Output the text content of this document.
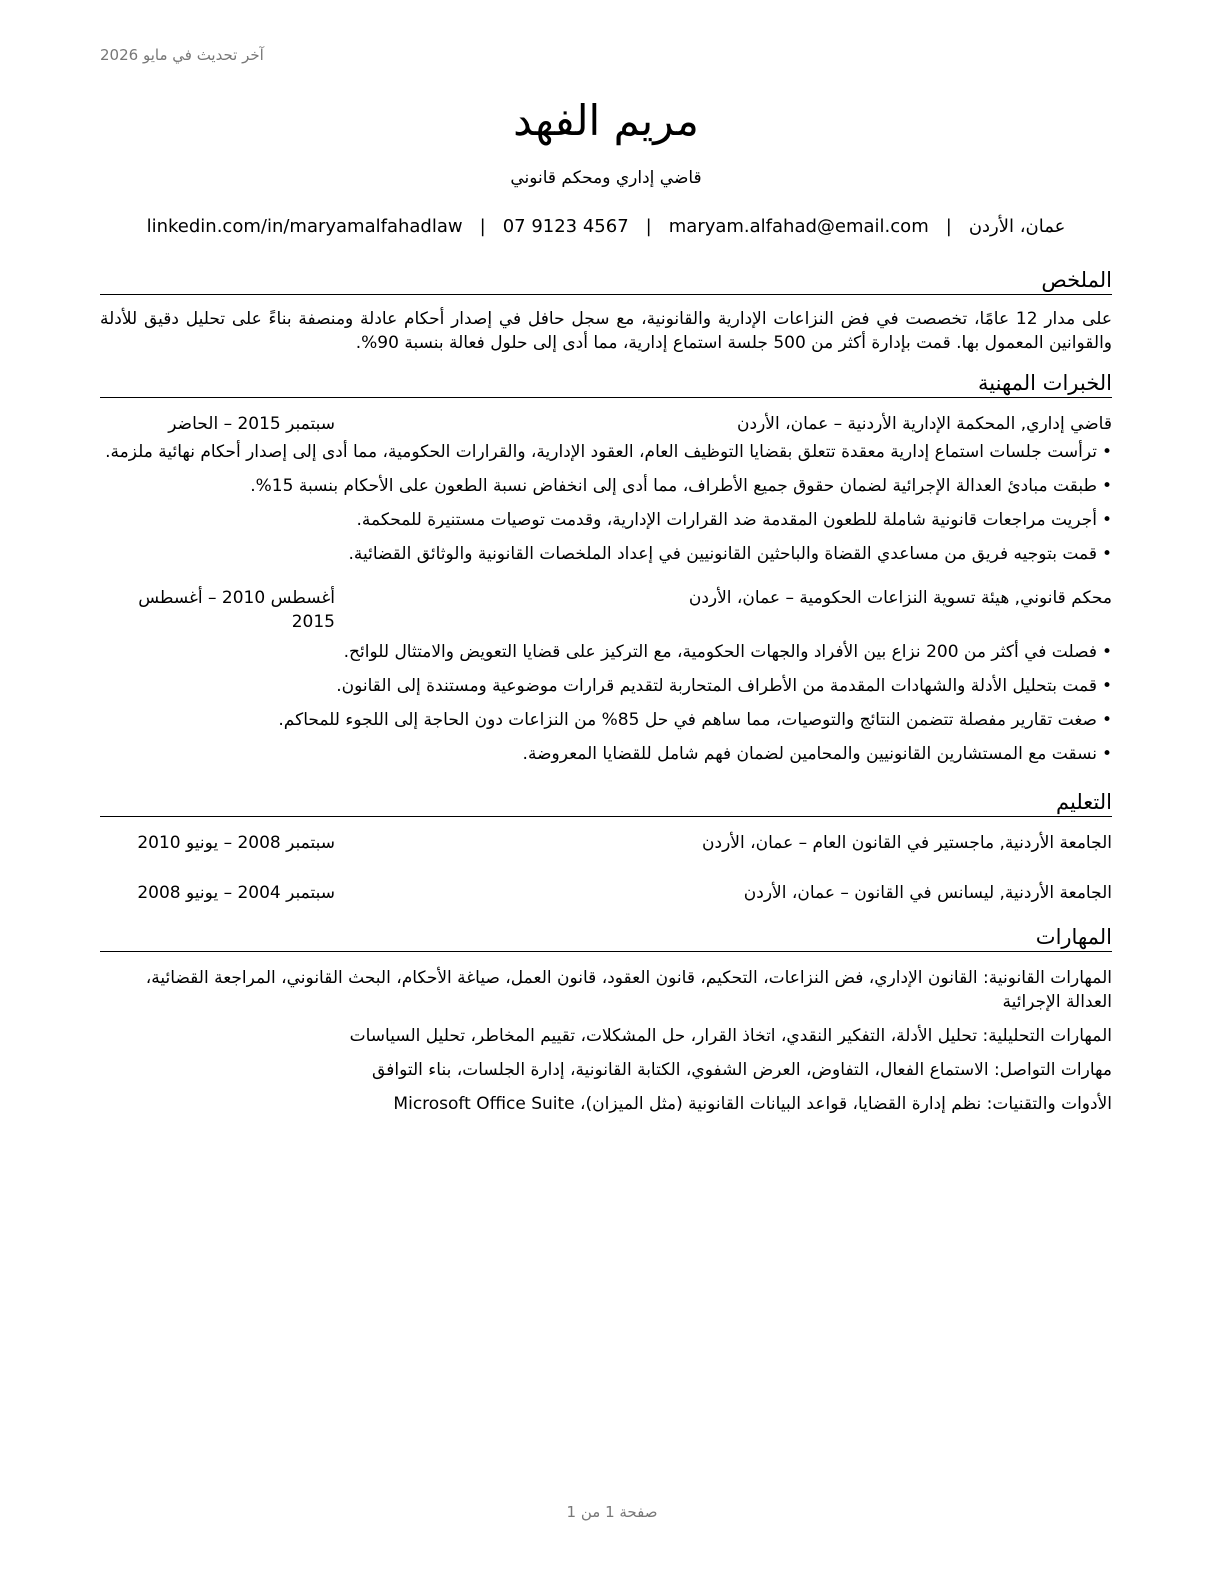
آخر تحديث في مايو 2026
مريم الفهد
قاضي إداري ومحكم قانوني
عمان، الأردن
|
maryam.alfahad@email.com
|
07 9123 4567
|
linkedin.com/in/maryamalfahadlaw
الملخص
على مدار 12 عامًا، تخصصت في فض النزاعات الإدارية والقانونية، مع سجل حافل في إصدار أحكام عادلة ومنصفة بناءً على تحليل دقيق للأدلة والقوانين المعمول بها. قمت بإدارة أكثر من 500 جلسة استماع إدارية، مما أدى إلى حلول فعالة بنسبة 90%.
الخبرات المهنية
قاضي إداري, المحكمة الإدارية الأردنية – عمان، الأردن
سبتمبر 2015 – الحاضر
• ترأست جلسات استماع إدارية معقدة تتعلق بقضايا التوظيف العام، العقود الإدارية، والقرارات الحكومية، مما أدى إلى إصدار أحكام نهائية ملزمة.
• طبقت مبادئ العدالة الإجرائية لضمان حقوق جميع الأطراف، مما أدى إلى انخفاض نسبة الطعون على الأحكام بنسبة 15%.
• أجريت مراجعات قانونية شاملة للطعون المقدمة ضد القرارات الإدارية، وقدمت توصيات مستنيرة للمحكمة.
• قمت بتوجيه فريق من مساعدي القضاة والباحثين القانونيين في إعداد الملخصات القانونية والوثائق القضائية.
محكم قانوني, هيئة تسوية النزاعات الحكومية – عمان، الأردن
أغسطس 2010 – أغسطس 2015
• فصلت في أكثر من 200 نزاع بين الأفراد والجهات الحكومية، مع التركيز على قضايا التعويض والامتثال للوائح.
• قمت بتحليل الأدلة والشهادات المقدمة من الأطراف المتحاربة لتقديم قرارات موضوعية ومستندة إلى القانون.
• صغت تقارير مفصلة تتضمن النتائج والتوصيات، مما ساهم في حل 85% من النزاعات دون الحاجة إلى اللجوء للمحاكم.
• نسقت مع المستشارين القانونيين والمحامين لضمان فهم شامل للقضايا المعروضة.
التعليم
الجامعة الأردنية, ماجستير في القانون العام – عمان، الأردن
سبتمبر 2008 – يونيو 2010
الجامعة الأردنية, ليسانس في القانون – عمان، الأردن
سبتمبر 2004 – يونيو 2008
المهارات
المهارات القانونية: القانون الإداري، فض النزاعات، التحكيم، قانون العقود، قانون العمل، صياغة الأحكام، البحث القانوني، المراجعة القضائية، العدالة الإجرائية
المهارات التحليلية: تحليل الأدلة، التفكير النقدي، اتخاذ القرار، حل المشكلات، تقييم المخاطر، تحليل السياسات
مهارات التواصل: الاستماع الفعال، التفاوض، العرض الشفوي، الكتابة القانونية، إدارة الجلسات، بناء التوافق
الأدوات والتقنيات: نظم إدارة القضايا، قواعد البيانات القانونية (مثل الميزان)، Microsoft Office Suite
صفحة 1 من 1
